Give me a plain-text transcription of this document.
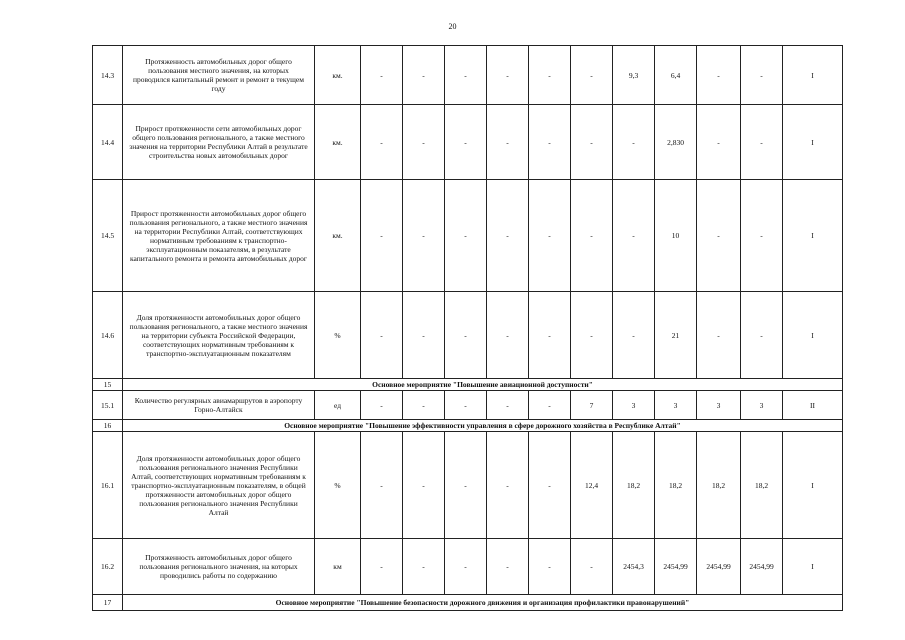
20
14.3	Протяженность автомобильных дорог общего пользования местного значения, на которых проводился капитальный ремонт и ремонт в текущем году	км.	-	-	-	-	-	-	9,3	6,4	-	-	I
14.4	Прирост протяженности сети автомобильных дорог общего пользования регионального, а также местного значения на территории Республики Алтай в результате строительства новых автомобильных дорог	км.	-	-	-	-	-	-	-	2,830	-	-	I
14.5	Прирост протяженности автомобильных дорог общего пользования регионального, а также местного значения на территории Республики Алтай, соответствующих нормативным требованиям к транспортно-эксплуатационным показателям, в результате капитального ремонта и ремонта автомобильных дорог	км.	-	-	-	-	-	-	-	10	-	-	I
14.6	Доля протяженности автомобильных дорог общего пользования регионального, а также местного значения на территории субъекта Российской Федерации, соответствующих нормативным требованиям к транспортно-эксплуатационным показателям	%	-	-	-	-	-	-	-	21	-	-	I
15	Основное мероприятие "Повышение авиационной доступности"												
15.1	Количество регулярных авиамаршрутов в аэропорту Горно-Алтайск	ед	-	-	-	-	-	7	3	3	3	3	II
16	Основное мероприятие "Повышение эффективности управления в сфере дорожного хозяйства в Республике Алтай"												
16.1	Доля протяженности автомобильных дорог общего пользования регионального значения Республики Алтай, соответствующих нормативным требованиям к транспортно-эксплуатационным показателям, в общей протяженности автомобильных дорог общего пользования регионального значения Республики Алтай	%	-	-	-	-	-	12,4	18,2	18,2	18,2	18,2	I
16.2	Протяженность автомобильных дорог общего пользования регионального значения, на которых проводились работы по содержанию	км	-	-	-	-	-	-	2454,3	2454,99	2454,99	2454,99	I
17	Основное мероприятие "Повышение безопасности дорожного движения и организация профилактики правонарушений"												
